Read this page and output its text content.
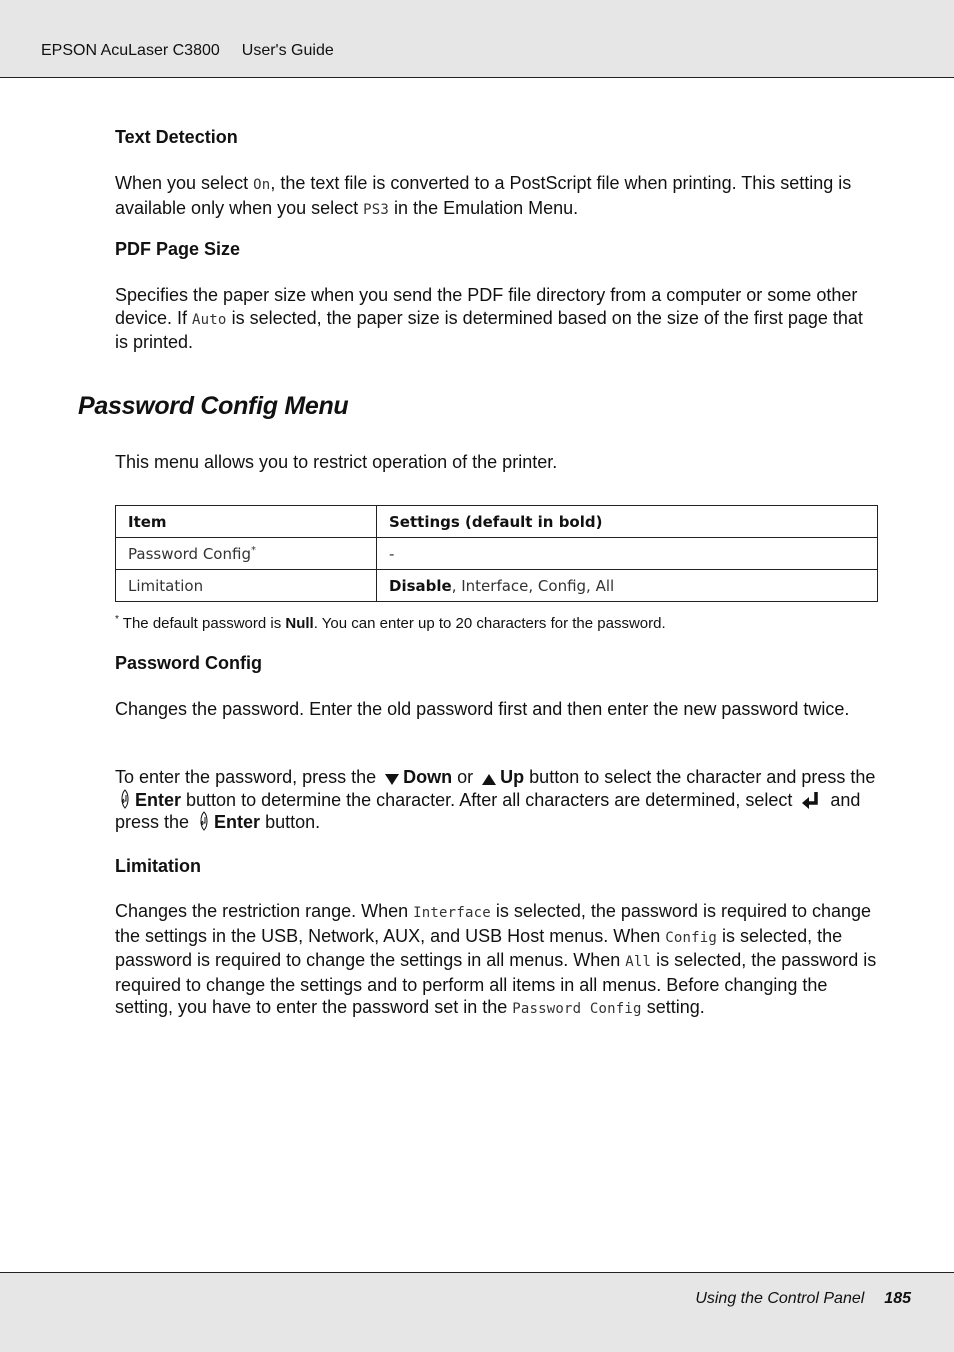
EPSON AcuLaser C3800 User's Guide
Text Detection

When you select On, the text file is converted to a PostScript file when printing. This setting is available only when you select PS3 in the Emulation Menu.

PDF Page Size

Specifies the paper size when you send the PDF file directory from a computer or some other device. If Auto is selected, the paper size is determined based on the size of the first page that is printed.

Password Config Menu

This menu allows you to restrict operation of the printer.

Item	Settings (default in bold)
Password Config*	-
Limitation	Disable, Interface, Config, All

* The default password is Null. You can enter up to 20 characters for the password.

Password Config

Changes the password. Enter the old password first and then enter the new password twice.

To enter the password, press the Down or Up button to select the character and press the Enter button to determine the character. After all characters are determined, select  and press the Enter button.

Limitation

Changes the restriction range. When Interface is selected, the password is required to change the settings in the USB, Network, AUX, and USB Host menus. When Config is selected, the password is required to change the settings in all menus. When All is selected, the password is required to change the settings and to perform all items in all menus. Before changing the setting, you have to enter the password set in the Password Config setting.

Using the Control Panel 185
